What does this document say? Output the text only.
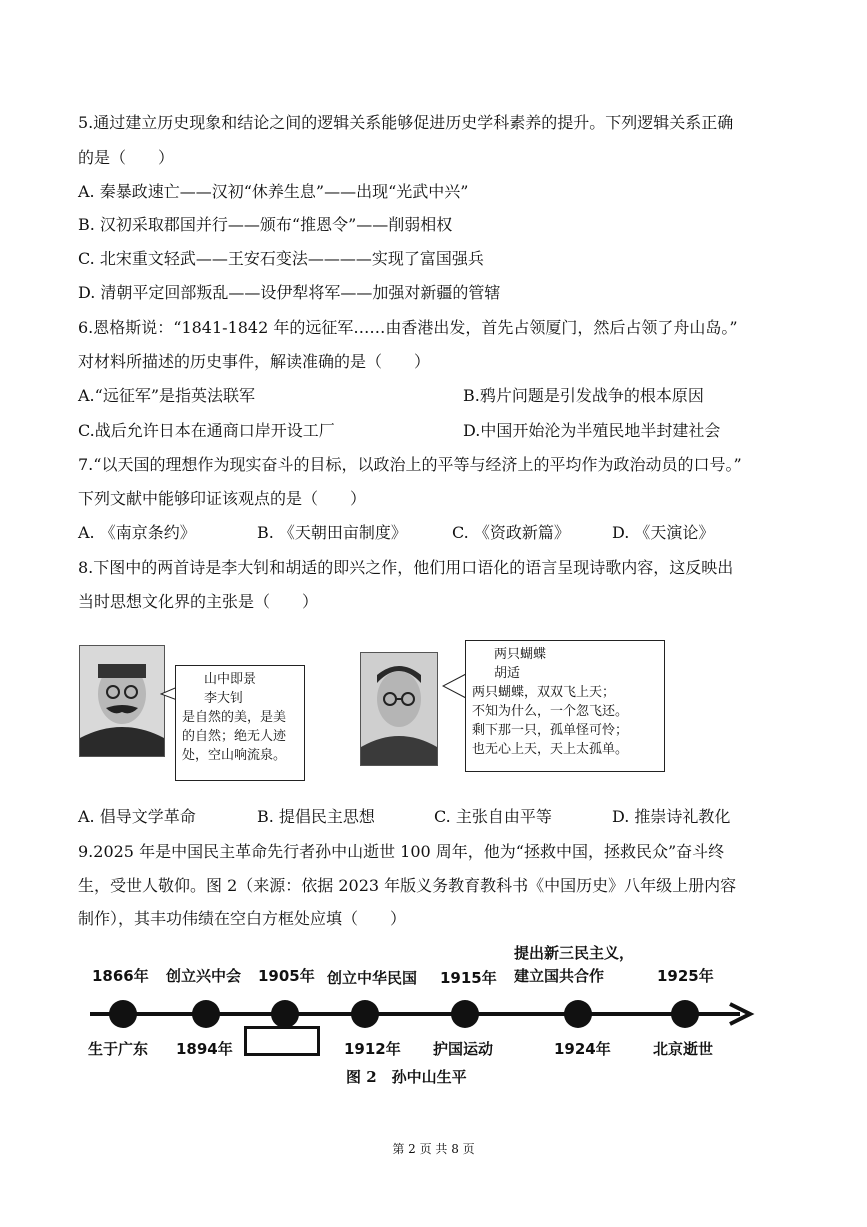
5.通过建立历史现象和结论之间的逻辑关系能够促进历史学科素养的提升。下列逻辑关系正确
的是（　　）
A. 秦暴政速亡——汉初“休养生息”——出现“光武中兴”
B. 汉初采取郡国并行——颁布“推恩令”——削弱相权
C. 北宋重文轻武——王安石变法————实现了富国强兵
D. 清朝平定回部叛乱——设伊犁将军——加强对新疆的管辖
6.恩格斯说：“1841-1842 年的远征军……由香港出发，首先占领厦门，然后占领了舟山岛。”
对材料所描述的历史事件，解读准确的是（　　）
A.“远征军”是指英法联军	B.鸦片问题是引发战争的根本原因
C.战后允许日本在通商口岸开设工厂	D.中国开始沦为半殖民地半封建社会
7.“以天国的理想作为现实奋斗的目标，以政治上的平等与经济上的平均作为政治动员的口号。”
下列文献中能够印证该观点的是（　　）
A. 《南京条约》	B. 《天朝田亩制度》	C. 《资政新篇》	D. 《天演论》
8.下图中的两首诗是李大钊和胡适的即兴之作，他们用口语化的语言呈现诗歌内容，这反映出
当时思想文化界的主张是（　　）
山中即景
李大钊
是自然的美，是美
的自然；绝无人迹
处，空山响流泉。
两只蝴蝶
胡适
两只蝴蝶，双双飞上天；
不知为什么，一个忽飞还。
剩下那一只，孤单怪可怜；
也无心上天，天上太孤单。
A. 倡导文学革命	B. 提倡民主思想	C. 主张自由平等	D. 推崇诗礼教化
9.2025 年是中国民主革命先行者孙中山逝世 100 周年，他为“拯救中国，拯救民众”奋斗终
生，受世人敬仰。图 2（来源：依据 2023 年版义务教育教科书《中国历史》八年级上册内容
制作），其丰功伟绩在空白方框处应填（　　）
1866年 创立兴中会 1905年 创立中华民国 1915年
提出新三民主义，
建立国共合作	1925年
生于广东 1894年	1912年 护国运动	1924年	北京逝世
图 2　孙中山生平
第 2 页 共 8 页
